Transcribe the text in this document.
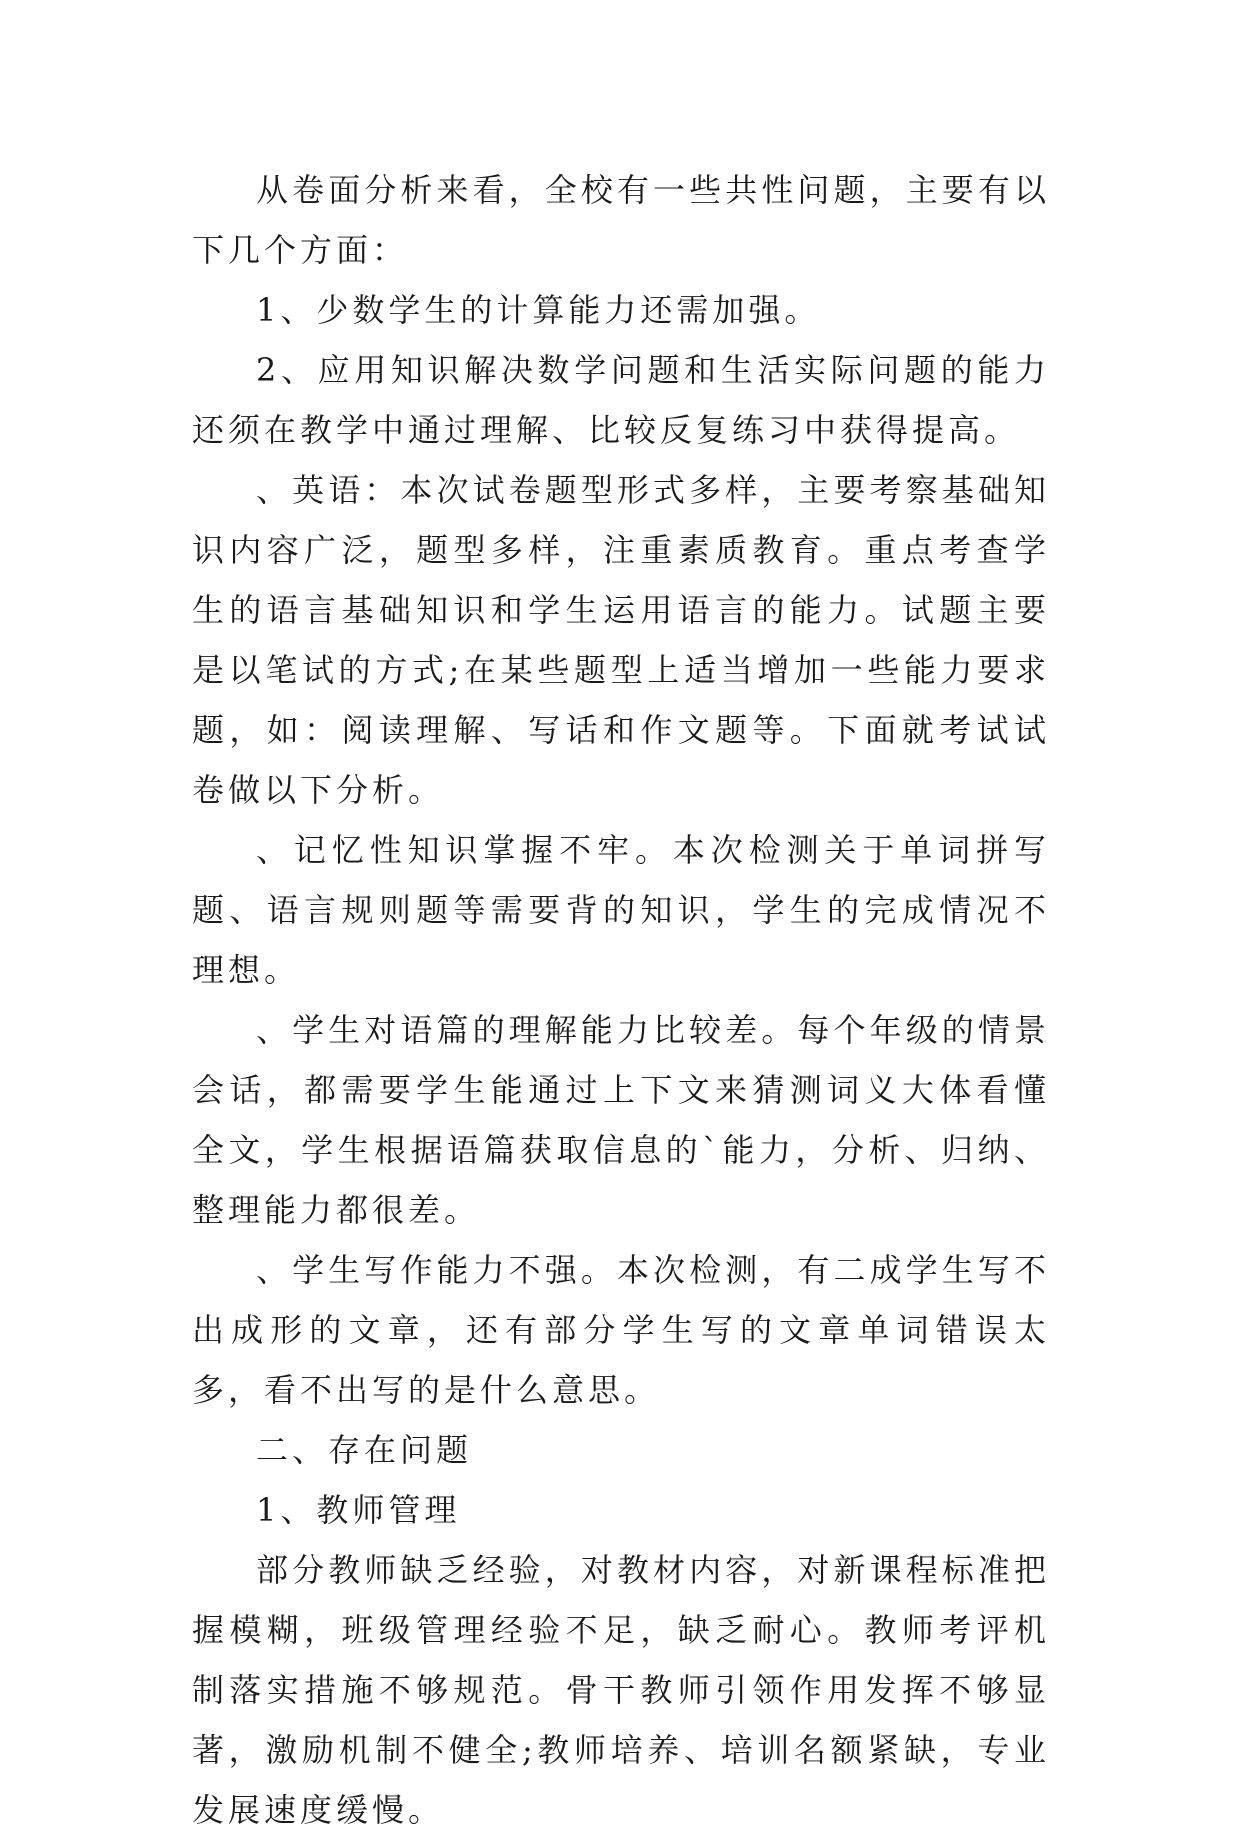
从卷面分析来看，全校有一些共性问题，主要有以下几个方面：

1、少数学生的计算能力还需加强。

2、应用知识解决数学问题和生活实际问题的能力还须在教学中通过理解、比较反复练习中获得提高。

、英语：本次试卷题型形式多样，主要考察基础知识内容广泛，题型多样，注重素质教育。重点考查学生的语言基础知识和学生运用语言的能力。试题主要是以笔试的方式;在某些题型上适当增加一些能力要求题，如：阅读理解、写话和作文题等。下面就考试试卷做以下分析。

、记忆性知识掌握不牢。本次检测关于单词拼写题、语言规则题等需要背的知识，学生的完成情况不理想。

、学生对语篇的理解能力比较差。每个年级的情景会话，都需要学生能通过上下文来猜测词义大体看懂全文，学生根据语篇获取信息的`能力，分析、归纳、整理能力都很差。

、学生写作能力不强。本次检测，有二成学生写不出成形的文章，还有部分学生写的文章单词错误太多，看不出写的是什么意思。

二、存在问题

1、教师管理

部分教师缺乏经验，对教材内容，对新课程标准把握模糊，班级管理经验不足，缺乏耐心。教师考评机制落实措施不够规范。骨干教师引领作用发挥不够显著，激励机制不健全;教师培养、培训名额紧缺，专业发展速度缓慢。
